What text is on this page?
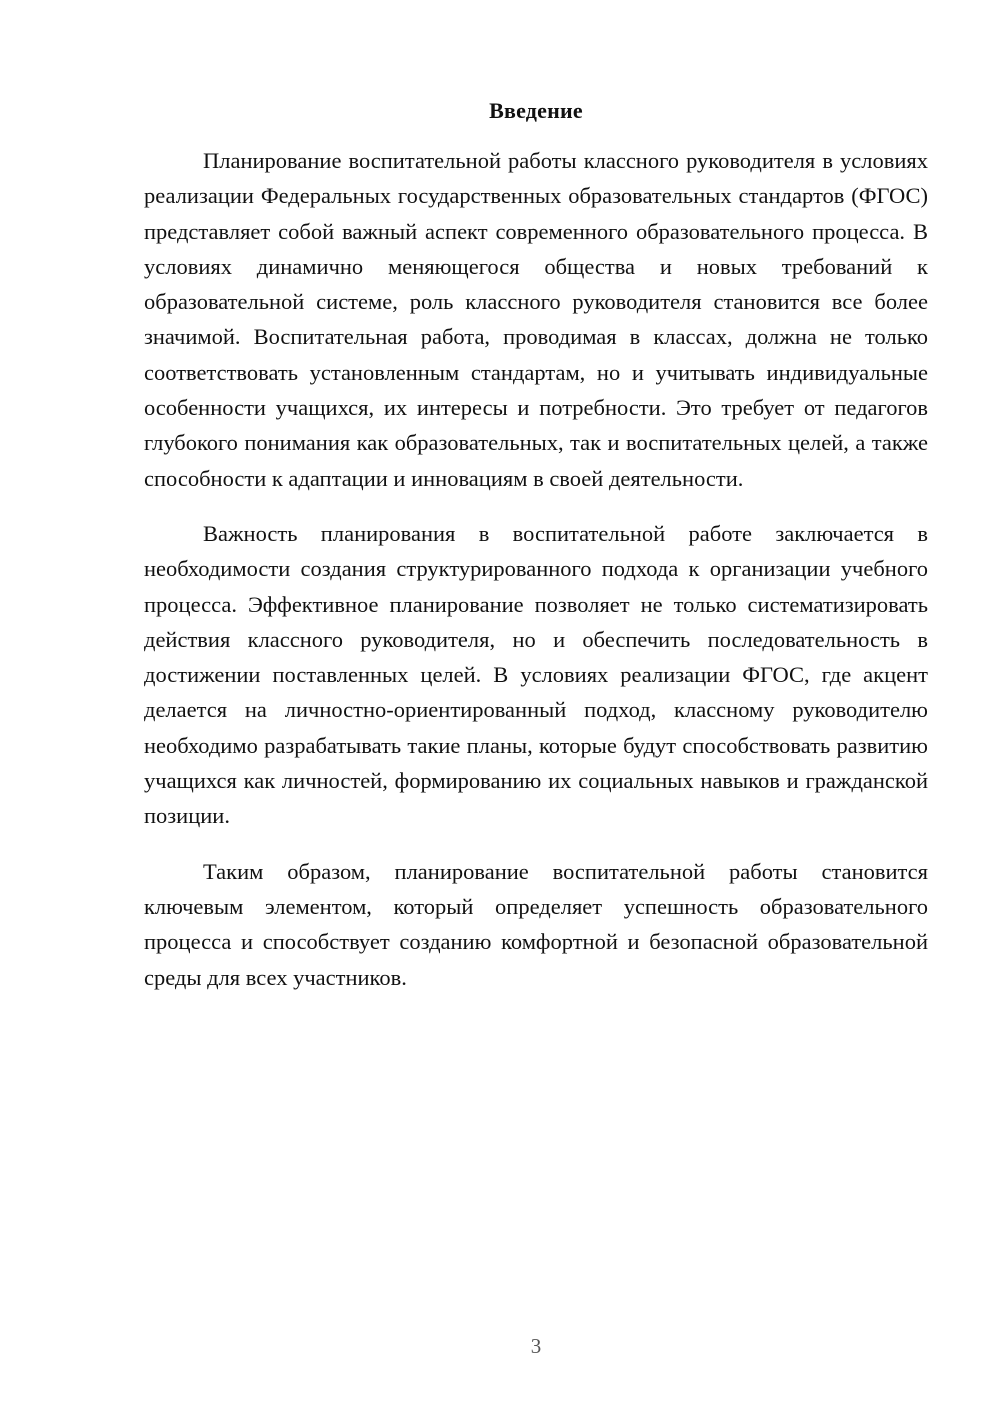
Введение

Планирование воспитательной работы классного руководителя в условиях реализации Федеральных государственных образовательных стандартов (ФГОС) представляет собой важный аспект современного образовательного процесса. В условиях динамично меняющегося общества и новых требований к образовательной системе, роль классного руководителя становится все более значимой. Воспитательная работа, проводимая в классах, должна не только соответствовать установленным стандартам, но и учитывать индивидуальные особенности учащихся, их интересы и потребности. Это требует от педагогов глубокого понимания как образовательных, так и воспитательных целей, а также способности к адаптации и инновациям в своей деятельности.

Важность планирования в воспитательной работе заключается в необходимости создания структурированного подхода к организации учебного процесса. Эффективное планирование позволяет не только систематизировать действия классного руководителя, но и обеспечить последовательность в достижении поставленных целей. В условиях реализации ФГОС, где акцент делается на личностно-ориентированный подход, классному руководителю необходимо разрабатывать такие планы, которые будут способствовать развитию учащихся как личностей, формированию их социальных навыков и гражданской позиции.

Таким образом, планирование воспитательной работы становится ключевым элементом, который определяет успешность образовательного процесса и способствует созданию комфортной и безопасной образовательной среды для всех участников.

3
